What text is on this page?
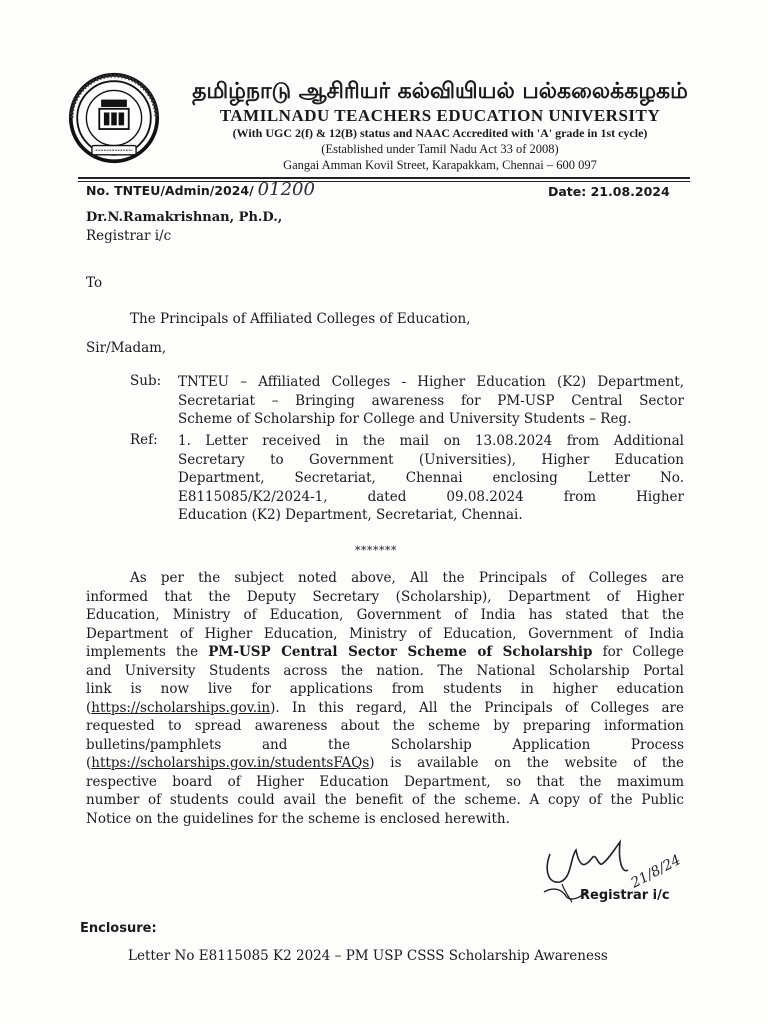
தமிழ்நாடு ஆசிரியர் கல்வியியல் பல்கலைக்கழகம்
TAMILNADU TEACHERS EDUCATION UNIVERSITY
(With UGC 2(f) & 12(B) status and NAAC Accredited with 'A' grade in 1st cycle)
(Established under Tamil Nadu Act 33 of 2008)
Gangai Amman Kovil Street, Karapakkam, Chennai – 600 097
No. TNTEU/Admin/2024/ 01200	Date: 21.08.2024
Dr.N.Ramakrishnan, Ph.D.,
Registrar i/c
To
The Principals of Affiliated Colleges of Education,
Sir/Madam,
Sub: TNTEU – Affiliated Colleges - Higher Education (K2) Department,
Secretariat – Bringing awareness for PM-USP Central Sector
Scheme of Scholarship for College and University Students – Reg.
Ref: 1. Letter received in the mail on 13.08.2024 from Additional
Secretary to Government (Universities), Higher Education
Department, Secretariat, Chennai enclosing Letter No.
E8115085/K2/2024-1, dated 09.08.2024 from Higher
Education (K2) Department, Secretariat, Chennai.
*******
As per the subject noted above, All the Principals of Colleges are
informed that the Deputy Secretary (Scholarship), Department of Higher
Education, Ministry of Education, Government of India has stated that the
Department of Higher Education, Ministry of Education, Government of India
implements the PM-USP Central Sector Scheme of Scholarship for College
and University Students across the nation. The National Scholarship Portal
link is now live for applications from students in higher education
(https://scholarships.gov.in). In this regard, All the Principals of Colleges are
requested to spread awareness about the scheme by preparing information
bulletins/pamphlets and the Scholarship Application Process
(https://scholarships.gov.in/studentsFAQs) is available on the website of the
respective board of Higher Education Department, so that the maximum
number of students could avail the benefit of the scheme. A copy of the Public
Notice on the guidelines for the scheme is enclosed herewith.
21/8/24
Registrar i/c
Enclosure:
Letter No E8115085 K2 2024 – PM USP CSSS Scholarship Awareness
